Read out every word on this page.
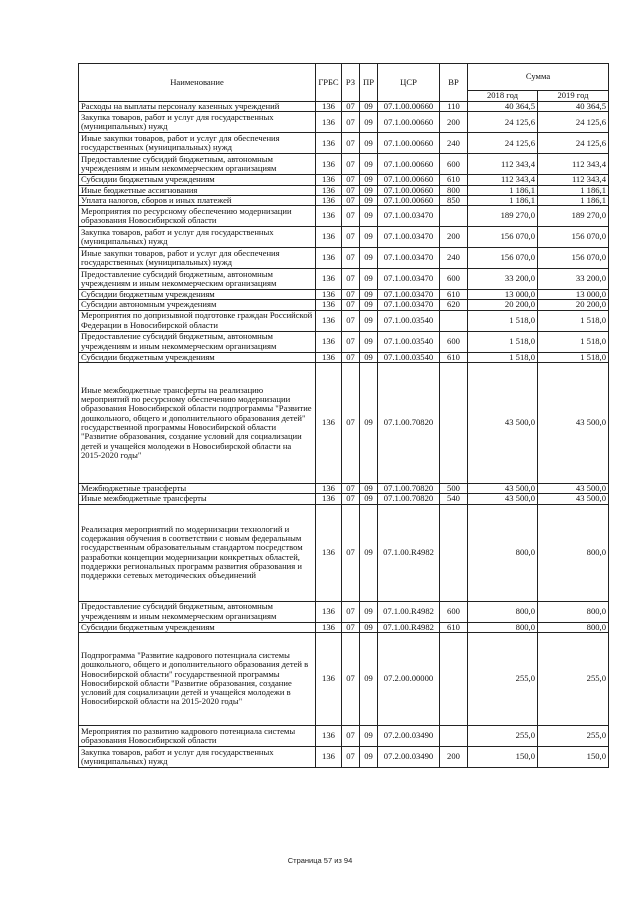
Наименование	ГРБС	РЗ	ПР	ЦСР	ВР	Сумма	
						2018 год	2019 год
Расходы на выплаты персоналу казенных учреждений	136	07	09	07.1.00.00660	110	40 364,5	40 364,5
Закупка товаров, работ и услуг для государственных (муниципальных) нужд	136	07	09	07.1.00.00660	200	24 125,6	24 125,6
Иные закупки товаров, работ и услуг для обеспечения государственных (муниципальных) нужд	136	07	09	07.1.00.00660	240	24 125,6	24 125,6
Предоставление субсидий бюджетным, автономным учреждениям и иным некоммерческим организациям	136	07	09	07.1.00.00660	600	112 343,4	112 343,4
Субсидии бюджетным учреждениям	136	07	09	07.1.00.00660	610	112 343,4	112 343,4
Иные бюджетные ассигнования	136	07	09	07.1.00.00660	800	1 186,1	1 186,1
Уплата налогов, сборов и иных платежей	136	07	09	07.1.00.00660	850	1 186,1	1 186,1
Мероприятия по ресурсному обеспечению модернизации образования Новосибирской области	136	07	09	07.1.00.03470		189 270,0	189 270,0
Закупка товаров, работ и услуг для государственных (муниципальных) нужд	136	07	09	07.1.00.03470	200	156 070,0	156 070,0
Иные закупки товаров, работ и услуг для обеспечения государственных (муниципальных) нужд	136	07	09	07.1.00.03470	240	156 070,0	156 070,0
Предоставление субсидий бюджетным, автономным учреждениям и иным некоммерческим организациям	136	07	09	07.1.00.03470	600	33 200,0	33 200,0
Субсидии бюджетным учреждениям	136	07	09	07.1.00.03470	610	13 000,0	13 000,0
Субсидии автономным учреждениям	136	07	09	07.1.00.03470	620	20 200,0	20 200,0
Мероприятия по допризывной подготовке граждан Российской Федерации в Новосибирской области	136	07	09	07.1.00.03540		1 518,0	1 518,0
Предоставление субсидий бюджетным, автономным учреждениям и иным некоммерческим организациям	136	07	09	07.1.00.03540	600	1 518,0	1 518,0
Субсидии бюджетным учреждениям	136	07	09	07.1.00.03540	610	1 518,0	1 518,0
Иные межбюджетные трансферты на реализацию мероприятий по ресурсному обеспечению модернизации образования Новосибирской области подпрограммы "Развитие дошкольного, общего и дополнительного образования детей" государственной программы Новосибирской области "Развитие образования, создание условий для социализации детей и учащейся молодежи в Новосибирской области на 2015-2020 годы"	136	07	09	07.1.00.70820		43 500,0	43 500,0
Межбюджетные трансферты	136	07	09	07.1.00.70820	500	43 500,0	43 500,0
Иные межбюджетные трансферты	136	07	09	07.1.00.70820	540	43 500,0	43 500,0
Реализация мероприятий по модернизации технологий и содержания обучения в соответствии с новым федеральным государственным образовательным стандартом посредством разработки концепции модернизации конкретных областей, поддержки региональных программ развития образования и поддержки сетевых методических объединений	136	07	09	07.1.00.R4982		800,0	800,0
Предоставление субсидий бюджетным, автономным учреждениям и иным некоммерческим организациям	136	07	09	07.1.00.R4982	600	800,0	800,0
Субсидии бюджетным учреждениям	136	07	09	07.1.00.R4982	610	800,0	800,0
Подпрограмма "Развитие кадрового потенциала системы дошкольного, общего и дополнительного образования детей в Новосибирской области" государственной программы Новосибирской области "Развитие образования, создание условий для социализации детей и учащейся молодежи в Новосибирской области на 2015-2020 годы"	136	07	09	07.2.00.00000		255,0	255,0
Мероприятия по развитию кадрового потенциала системы образования Новосибирской области	136	07	09	07.2.00.03490		255,0	255,0
Закупка товаров, работ и услуг для государственных (муниципальных) нужд	136	07	09	07.2.00.03490	200	150,0	150,0
Страница 57 из 94
